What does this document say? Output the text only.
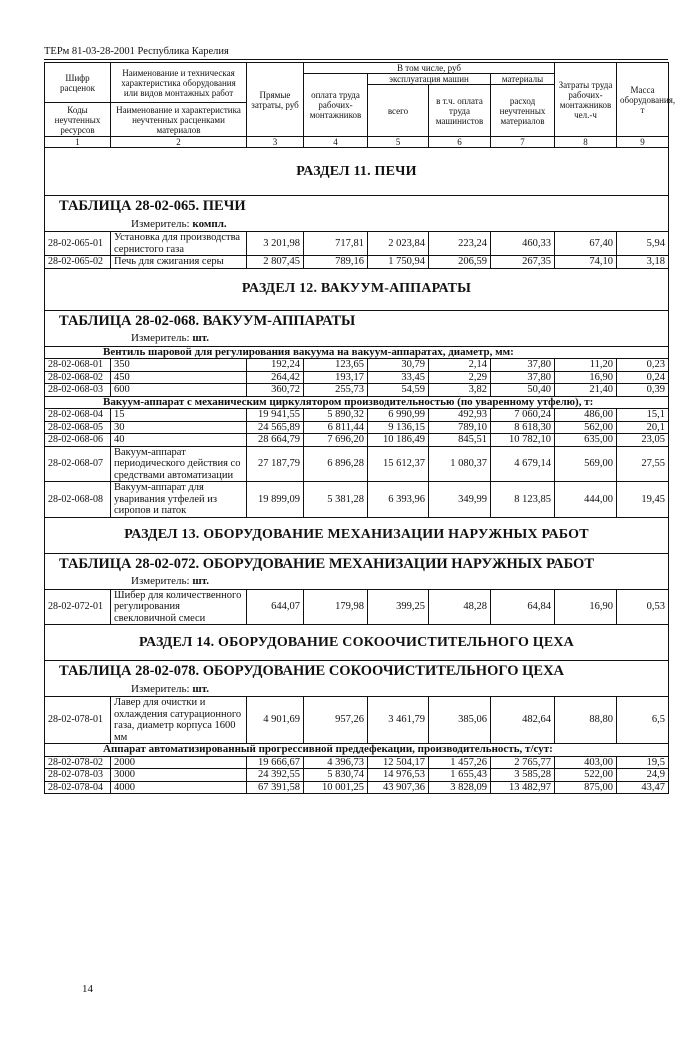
ТЕРм 81-03-28-2001 Республика Карелия
Шифр расценок	Наименование и техническая характеристика оборудования или видов монтажных работ	Прямые затраты, руб	В том числе, руб				Затраты труда рабочих-монтажников чел.-ч	Масса оборудования, т
			оплата труда рабочих-монтажников	эксплуатация машин		материалы		
				всего	в т.ч. оплата труда машинистов	расход неучтенных материалов		
Коды неучтенных ресурсов	Наименование и характеристика неучтенных расценками материалов							

1	2	3	4	5	6	7	8	9
РАЗДЕЛ 11. ПЕЧИ								
ТАБЛИЦА 28-02-065. ПЕЧИ								
Измеритель: компл.								
28-02-065-01	Установка для производства сернистого газа	3 201,98	717,81	2 023,84	223,24	460,33	67,40	5,94
28-02-065-02	Печь для сжигания серы	2 807,45	789,16	1 750,94	206,59	267,35	74,10	3,18
РАЗДЕЛ 12. ВАКУУМ-АППАРАТЫ								
ТАБЛИЦА 28-02-068. ВАКУУМ-АППАРАТЫ								
Измеритель: шт.								
Вентиль шаровой для регулирования вакуума на вакуум-аппаратах, диаметр, мм:								
28-02-068-01	350	192,24	123,65	30,79	2,14	37,80	11,20	0,23
28-02-068-02	450	264,42	193,17	33,45	2,29	37,80	16,90	0,24
28-02-068-03	600	360,72	255,73	54,59	3,82	50,40	21,40	0,39
Вакуум-аппарат с механическим циркулятором производительностью (по уваренному утфелю), т:								
28-02-068-04	15	19 941,55	5 890,32	6 990,99	492,93	7 060,24	486,00	15,1
28-02-068-05	30	24 565,89	6 811,44	9 136,15	789,10	8 618,30	562,00	20,1
28-02-068-06	40	28 664,79	7 696,20	10 186,49	845,51	10 782,10	635,00	23,05
28-02-068-07	Вакуум-аппарат периодического действия со средствами автоматизации	27 187,79	6 896,28	15 612,37	1 080,37	4 679,14	569,00	27,55
28-02-068-08	Вакуум-аппарат для уваривания утфелей из сиропов и паток	19 899,09	5 381,28	6 393,96	349,99	8 123,85	444,00	19,45
РАЗДЕЛ 13. ОБОРУДОВАНИЕ МЕХАНИЗАЦИИ НАРУЖНЫХ РАБОТ								
ТАБЛИЦА 28-02-072. ОБОРУДОВАНИЕ МЕХАНИЗАЦИИ НАРУЖНЫХ РАБОТ								
Измеритель: шт.								
28-02-072-01	Шибер для количественного регулирования свекловичной смеси	644,07	179,98	399,25	48,28	64,84	16,90	0,53
РАЗДЕЛ 14. ОБОРУДОВАНИЕ СОКООЧИСТИТЕЛЬНОГО ЦЕХА								
ТАБЛИЦА 28-02-078. ОБОРУДОВАНИЕ СОКООЧИСТИТЕЛЬНОГО ЦЕХА								
Измеритель: шт.								
28-02-078-01	Лавер для очистки и охлаждения сатурационного газа, диаметр корпуса 1600 мм	4 901,69	957,26	3 461,79	385,06	482,64	88,80	6,5
Аппарат автоматизированный прогрессивной преддефекации, производительность, т/сут:								
28-02-078-02	2000	19 666,67	4 396,73	12 504,17	1 457,26	2 765,77	403,00	19,5
28-02-078-03	3000	24 392,55	5 830,74	14 976,53	1 655,43	3 585,28	522,00	24,9
28-02-078-04	4000	67 391,58	10 001,25	43 907,36	3 828,09	13 482,97	875,00	43,47
14
